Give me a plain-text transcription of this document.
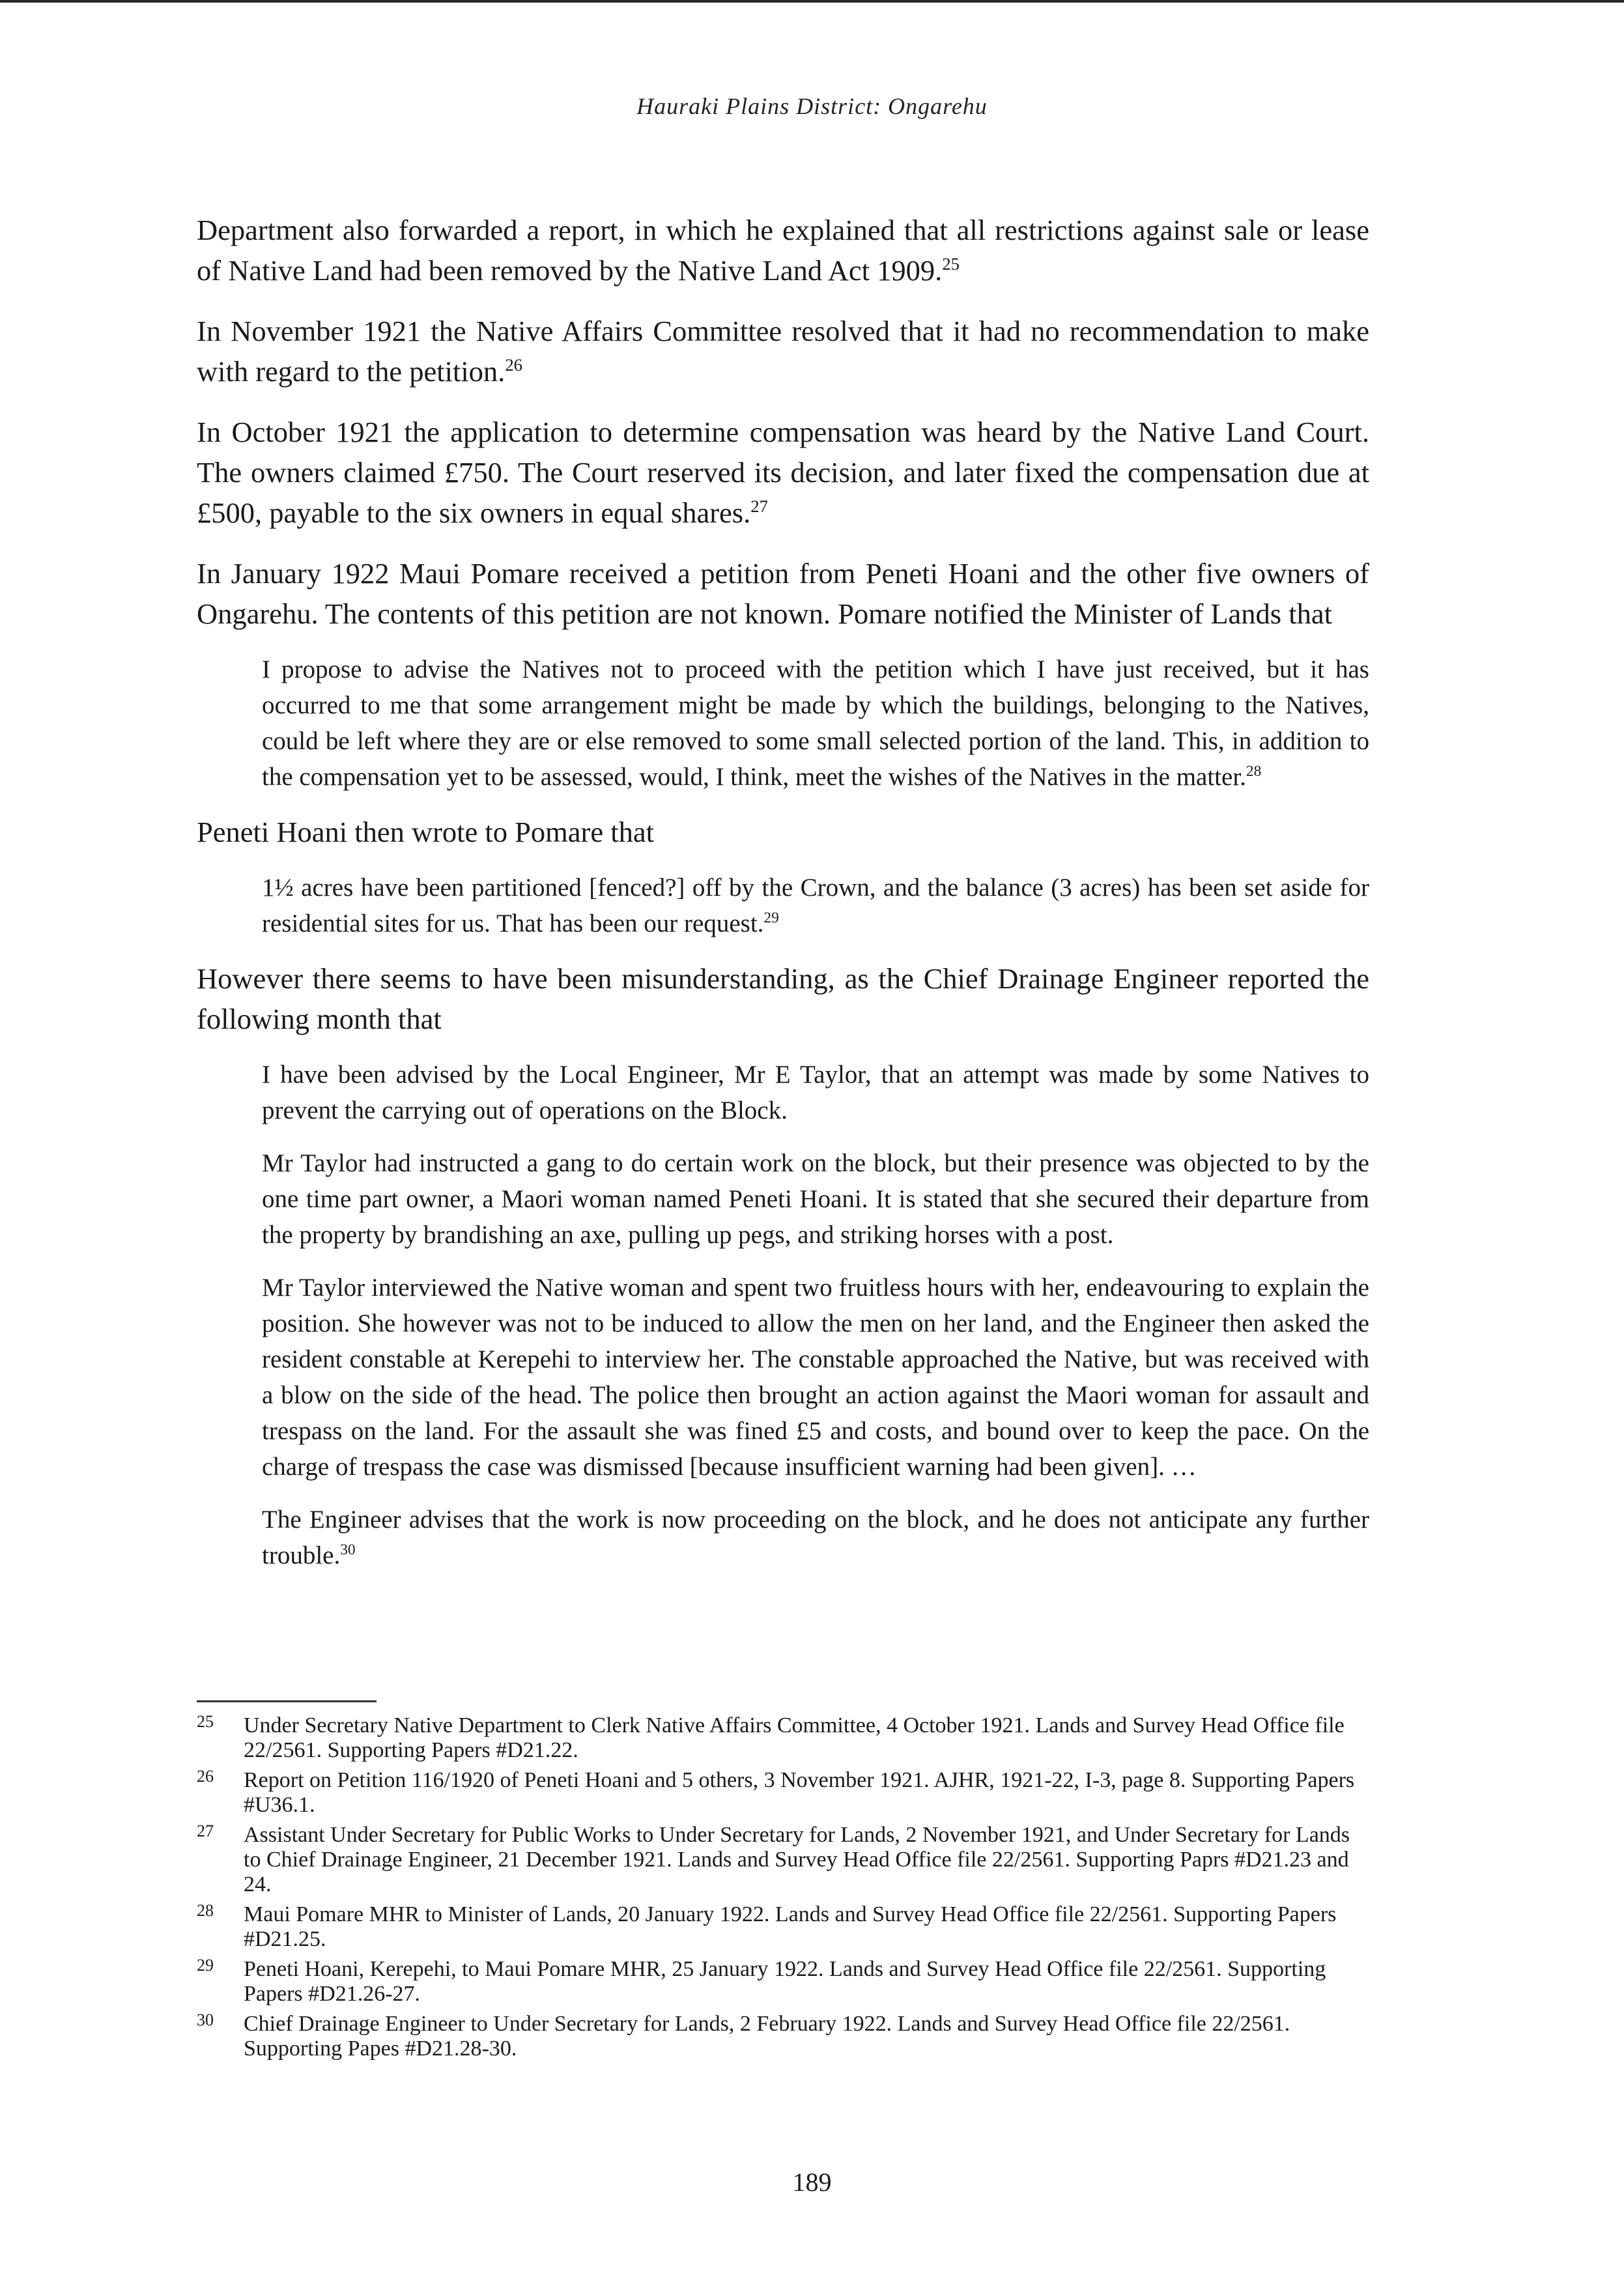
Hauraki Plains District: Ongarehu

Department also forwarded a report, in which he explained that all restrictions against sale or lease of Native Land had been removed by the Native Land Act 1909.25

In November 1921 the Native Affairs Committee resolved that it had no recommendation to make with regard to the petition.$^{26}$

In October 1921 the application to determine compensation was heard by the Native Land Court. The owners claimed £750. The Court reserved its decision, and later fixed the compensation due at £500, payable to the six owners in equal shares.$^{27}$

In January 1922 Maui Pomare received a petition from Peneti Hoani and the other five owners of Ongarehu. The contents of this petition are not known. Pomare notified the Minister of Lands that

I propose to advise the Natives not to proceed with the petition which I have just received, but it has occurred to me that some arrangement might be made by which the buildings, belonging to the Natives, could be left where they are or else removed to some small selected portion of the land. This, in addition to the compensation yet to be assessed, would, I think, meet the wishes of the Natives in the matter.$^{28}$

Peneti Hoani then wrote to Pomare that

1½ acres have been partitioned [fenced?] off by the Crown, and the balance (3 acres) has been set aside for residential sites for us. That has been our request.$^{29}$

However there seems to have been misunderstanding, as the Chief Drainage Engineer reported the following month that

I have been advised by the Local Engineer, Mr E Taylor, that an attempt was made by some Natives to prevent the carrying out of operations on the Block.

Mr Taylor had instructed a gang to do certain work on the block, but their presence was objected to by the one time part owner, a Maori woman named Peneti Hoani. It is stated that she secured their departure from the property by brandishing an axe, pulling up pegs, and striking horses with a post.

Mr Taylor interviewed the Native woman and spent two fruitless hours with her, endeavouring to explain the position. She however was not to be induced to allow the men on her land, and the Engineer then asked the resident constable at Kerepehi to interview her. The constable approached the Native, but was received with a blow on the side of the head. The police then brought an action against the Maori woman for assault and trespass on the land. For the assault she was fined £5 and costs, and bound over to keep the pace. On the charge of trespass the case was dismissed [because insufficient warning had been given]. …

The Engineer advises that the work is now proceeding on the block, and he does not anticipate any further trouble.$^{30}$

25 Under Secretary Native Department to Clerk Native Affairs Committee, 4 October 1921. Lands and Survey Head Office file 22/2561. Supporting Papers #D21.22.
26 Report on Petition 116/1920 of Peneti Hoani and 5 others, 3 November 1921. AJHR, 1921-22, I-3, page 8. Supporting Papers #U36.1.
27 Assistant Under Secretary for Public Works to Under Secretary for Lands, 2 November 1921, and Under Secretary for Lands to Chief Drainage Engineer, 21 December 1921. Lands and Survey Head Office file 22/2561. Supporting Paprs #D21.23 and 24.
28 Maui Pomare MHR to Minister of Lands, 20 January 1922. Lands and Survey Head Office file 22/2561. Supporting Papers #D21.25.
29 Peneti Hoani, Kerepehi, to Maui Pomare MHR, 25 January 1922. Lands and Survey Head Office file 22/2561. Supporting Papers #D21.26-27.
30 Chief Drainage Engineer to Under Secretary for Lands, 2 February 1922. Lands and Survey Head Office file 22/2561. Supporting Papes #D21.28-30.
189
